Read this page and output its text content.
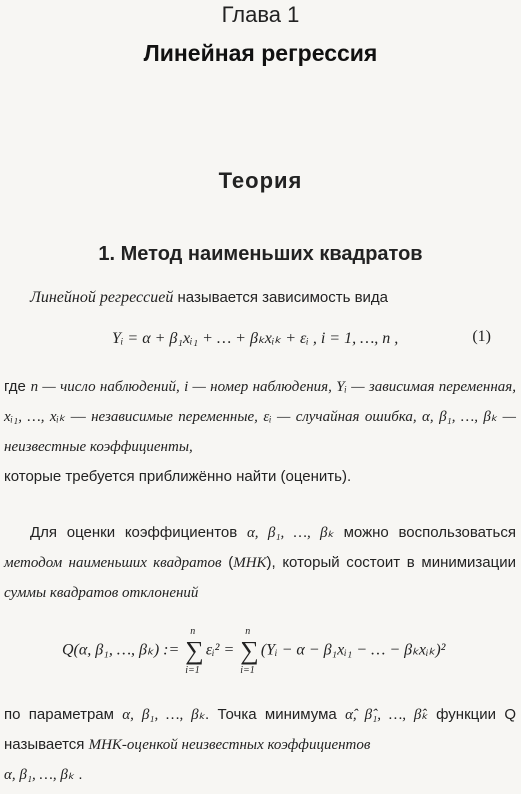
Глава 1
Линейная регрессия
Теория
1. Метод наименьших квадратов
Линейной регрессией называется зависимость вида
Yᵢ = α + β₁xᵢ₁ + … + βₖxᵢₖ + εᵢ , i = 1, …, n ,	(1)
где n — число наблюдений, i — номер наблюдения, Yᵢ — зависимая переменная, xᵢ₁, …, xᵢₖ –– независимые переменные, εᵢ — случайная ошибка, α, β₁, …, βₖ — неизвестные коэффициенты,
которые требуется приближённо найти (оценить).
Для оценки коэффициентов α, β₁, …, βₖ можно воспользоваться методом наименьших квадратов (МНК), который состоит в минимизации суммы квадратов отклонений
Q(α, β₁, …, βₖ) := ∑
n
i=1
εᵢ² = ∑
n
i=1
(Yᵢ − α − β₁xᵢ₁ − … − βₖxᵢₖ)²
по параметрам α, β₁, …, βₖ. Точка минимума α̂, β̂₁, …, β̂ₖ функции Q называется МНК-оценкой неизвестных коэффициентов
α, β₁, …, βₖ .
